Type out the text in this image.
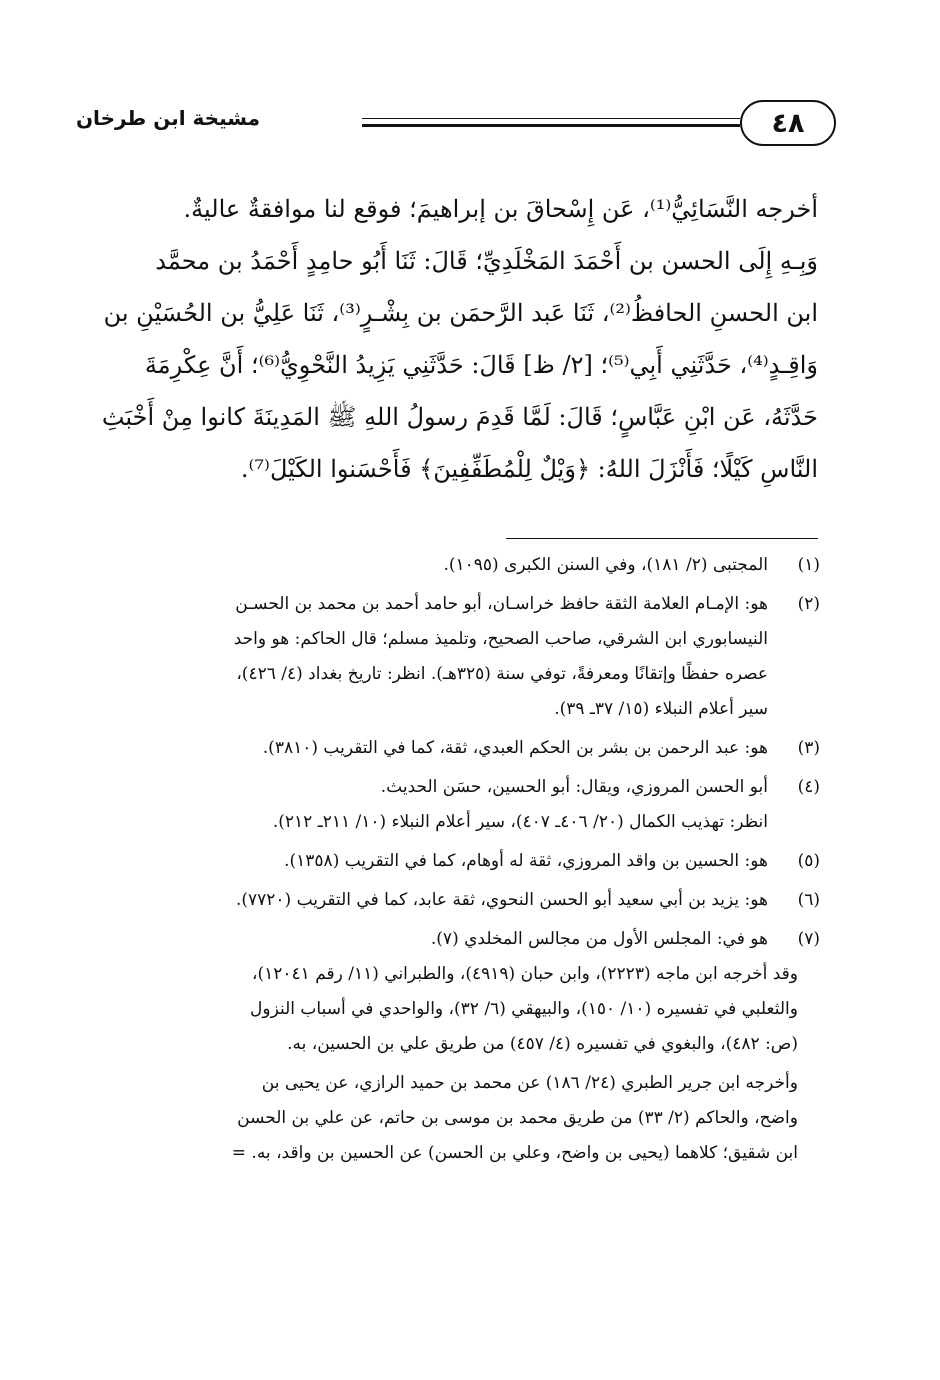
٤٨
مشيخة ابن طرخان

أخرجه النَّسَائِيُّ⁽¹⁾، عَن إِسْحاقَ بن إبراهيمَ؛ فوقع لنا موافقةٌ عاليةٌ.

وَبِـهِ إِلَى الحسن بن أَحْمَدَ المَخْلَدِيِّ؛ قَالَ: ثَنَا أَبُو حامِدٍ أَحْمَدُ بن محمَّد

ابن الحسنِ الحافظُ⁽²⁾، ثَنَا عَبد الرَّحمَن بن بِشْـرٍ⁽³⁾، ثَنَا عَلِيُّ بن الحُسَيْنِ بن

وَاقِـدٍ⁽⁴⁾، حَدَّثَنِي أَبِي⁽⁵⁾؛ [٢/ ظ] قَالَ: حَدَّثَنِي يَزِيدُ النَّحْوِيُّ⁽⁶⁾؛ أَنَّ عِكْرِمَةَ

حَدَّثَهُ، عَن ابْنِ عَبَّاسٍ؛ قَالَ: لَمَّا قَدِمَ رسولُ اللهِ ﷺ المَدِينَةَ كانوا مِنْ أَخْبَثِ

النَّاسِ كَيْلًا؛ فَأَنْزَلَ اللهُ: ﴿وَيْلٌ لِلْمُطَفِّفِينَ﴾ فَأَحْسَنوا الكَيْلَ⁽⁷⁾.

(١)
المجتبى (٢/ ١٨١)، وفي السنن الكبرى (١٠٩٥).
(٢)
هو: الإمـام العلامة الثقة حافظ خراسـان، أبو حامد أحمد بن محمد بن الحسـن
النيسابوري ابن الشرقي، صاحب الصحيح، وتلميذ مسلم؛ قال الحاكم: هو واحد
عصره حفظًا وإتقانًا ومعرفةً، توفي سنة (٣٢٥هـ). انظر: تاريخ بغداد (٤/ ٤٢٦)،
سير أعلام النبلاء (١٥/ ٣٧ـ ٣٩).
(٣)
هو: عبد الرحمن بن بشر بن الحكم العبدي، ثقة، كما في التقريب (٣٨١٠).
(٤)
أبو الحسن المروزي، ويقال: أبو الحسين، حسَن الحديث.
انظر: تهذيب الكمال (٢٠/ ٤٠٦ـ ٤٠٧)، سير أعلام النبلاء (١٠/ ٢١١ـ ٢١٢).
(٥)
هو: الحسين بن واقد المروزي، ثقة له أوهام، كما في التقريب (١٣٥٨).
(٦)
هو: يزيد بن أبي سعيد أبو الحسن النحوي، ثقة عابد، كما في التقريب (٧٧٢٠).
(٧)
هو في: المجلس الأول من مجالس المخلدي (٧).
وقد أخرجه ابن ماجه (٢٢٢٣)، وابن حبان (٤٩١٩)، والطبراني (١١/ رقم ١٢٠٤١)،
والثعلبي في تفسيره (١٠/ ١٥٠)، والبيهقي (٦/ ٣٢)، والواحدي في أسباب النزول
(ص: ٤٨٢)، والبغوي في تفسيره (٤/ ٤٥٧) من طريق علي بن الحسين، به.
وأخرجه ابن جرير الطبري (٢٤/ ١٨٦) عن محمد بن حميد الرازي، عن يحيى بن
واضح، والحاكم (٢/ ٣٣) من طريق محمد بن موسى بن حاتم، عن علي بن الحسن
ابن شقيق؛ كلاهما (يحيى بن واضح، وعلي بن الحسن) عن الحسين بن واقد، به. =
